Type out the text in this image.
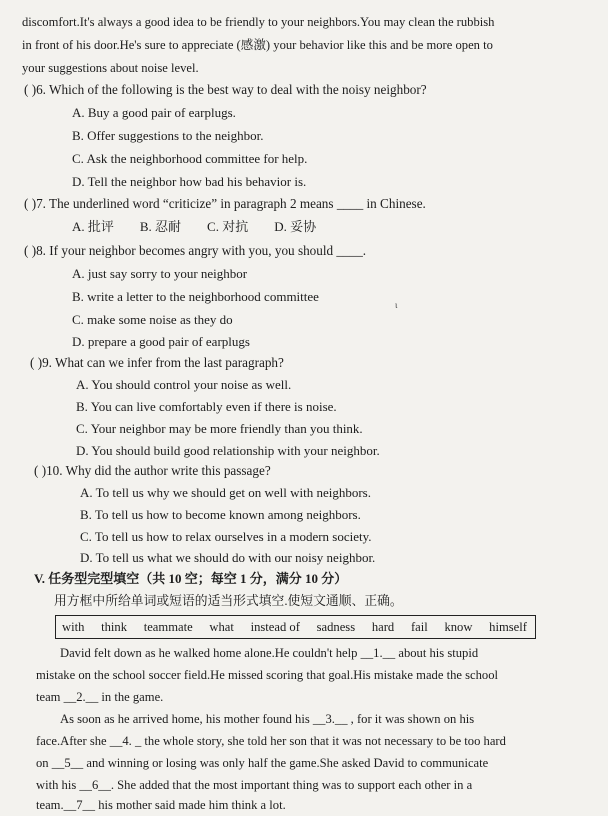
discomfort.It's always a good idea to be friendly to your neighbors.You may clean the rubbish
in front of his door.He's sure to appreciate (感激) your behavior like this and be more open to
your suggestions about noise level.
( )6. Which of the following is the best way to deal with the noisy neighbor?
A. Buy a good pair of earplugs.
B. Offer suggestions to the neighbor.
C. Ask the neighborhood committee for help.
D. Tell the neighbor how bad his behavior is.
( )7. The underlined word “criticize” in paragraph 2 means ____ in Chinese.
A. 批评        B. 忍耐        C. 对抗        D. 妥协
( )8. If your neighbor becomes angry with you, you should ____.
A. just say sorry to your neighbor
B. write a letter to the neighborhood committee
C. make some noise as they do
D. prepare a good pair of earplugs
ι
( )9. What can we infer from the last paragraph?
A. You should control your noise as well.
B. You can live comfortably even if there is noise.
C. Your neighbor may be more friendly than you think.
D. You should build good relationship with your neighbor.
( )10. Why did the author write this passage?
A. To tell us why we should get on well with neighbors.
B. To tell us how to become known among neighbors.
C. To tell us how to relax ourselves in a modern society.
D. To tell us what we should do with our noisy neighbor.
V. 任务型完型填空（共 10 空；每空 1 分，满分 10 分）
用方框中所给单词或短语的适当形式填空.使短文通顺、正确。
with think teammate what instead of sadness hard fail know himself
David felt down as he walked home alone.He couldn't help __1.__ about his stupid
mistake on the school soccer field.He missed scoring that goal.His mistake made the school
team __2.__ in the game.
As soon as he arrived home, his mother found his __3.__ , for it was shown on his
face.After she __4. _ the whole story, she told her son that it was not necessary to be too hard
on __5__ and winning or losing was only half the game.She asked David to communicate
with his __6__. She added that the most important thing was to support each other in a
team.__7__ his mother said made him think a lot.
